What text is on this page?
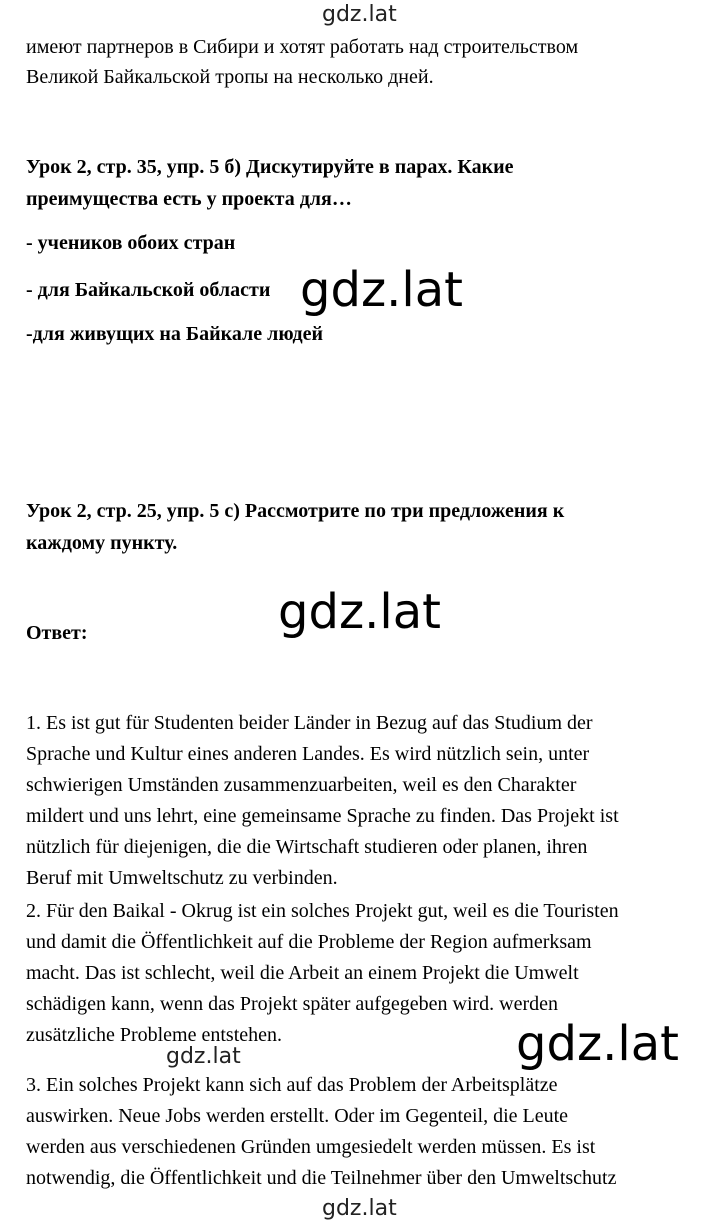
gdz.lat
имеют партнеров в Сибири и хотят работать над строительством
Великой Байкальской тропы на несколько дней.
Урок 2, стр. 35, упр. 5 б) Дискутируйте в парах. Какие
преимущества есть у проекта для…
- учеников обоих стран
- для Байкальской области gdz.lat
-для живущих на Байкале людей
Урок 2, стр. 25, упр. 5 с) Рассмотрите по три предложения к
каждому пункту.
gdz.lat
Ответ:
1. Es ist gut für Studenten beider Länder in Bezug auf das Studium der
Sprache und Kultur eines anderen Landes. Es wird nützlich sein, unter
schwierigen Umständen zusammenzuarbeiten, weil es den Charakter
mildert und uns lehrt, eine gemeinsame Sprache zu finden. Das Projekt ist
nützlich für diejenigen, die die Wirtschaft studieren oder planen, ihren
Beruf mit Umweltschutz zu verbinden.
2. Für den Baikal - Okrug ist ein solches Projekt gut, weil es die Touristen
und damit die Öffentlichkeit auf die Probleme der Region aufmerksam
macht. Das ist schlecht, weil die Arbeit an einem Projekt die Umwelt
schädigen kann, wenn das Projekt später aufgegeben wird. werden
zusätzliche Probleme entstehen.
gdz.lat	gdz.lat
3. Ein solches Projekt kann sich auf das Problem der Arbeitsplätze
auswirken. Neue Jobs werden erstellt. Oder im Gegenteil, die Leute
werden aus verschiedenen Gründen umgesiedelt werden müssen. Es ist
notwendig, die Öffentlichkeit und die Teilnehmer über den Umweltschutz
gdz.lat
